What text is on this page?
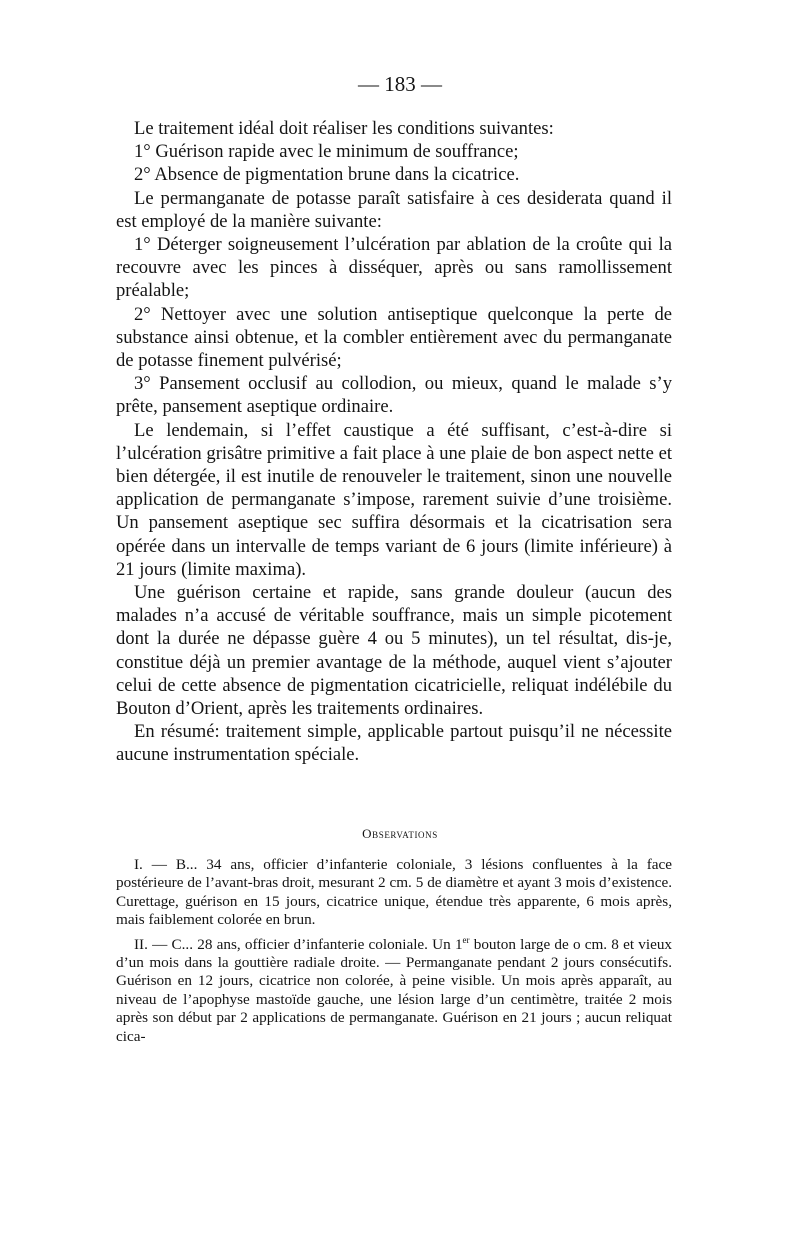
— 183 —

Le traitement idéal doit réaliser les conditions suivantes:

1° Guérison rapide avec le minimum de souffrance;

2° Absence de pigmentation brune dans la cicatrice.

Le permanganate de potasse paraît satisfaire à ces desiderata quand il est employé de la manière suivante:

1° Déterger soigneusement l’ulcération par ablation de la croûte qui la recouvre avec les pinces à disséquer, après ou sans ramollissement préalable;

2° Nettoyer avec une solution antiseptique quelconque la perte de substance ainsi obtenue, et la combler entièrement avec du permanganate de potasse finement pulvérisé;

3° Pansement occlusif au collodion, ou mieux, quand le malade s’y prête, pansement aseptique ordinaire.

Le lendemain, si l’effet caustique a été suffisant, c’est-à-dire si l’ulcération grisâtre primitive a fait place à une plaie de bon aspect nette et bien détergée, il est inutile de renouveler le traitement, sinon une nouvelle application de permanganate s’impose, rarement suivie d’une troisième. Un pansement aseptique sec suffira désormais et la cicatrisation sera opérée dans un intervalle de temps variant de 6 jours (limite inférieure) à 21 jours (limite maxima).

Une guérison certaine et rapide, sans grande douleur (aucun des malades n’a accusé de véritable souffrance, mais un simple picotement dont la durée ne dépasse guère 4 ou 5 minutes), un tel résultat, dis-je, constitue déjà un premier avantage de la méthode, auquel vient s’ajouter celui de cette absence de pigmentation cicatricielle, reliquat indélébile du Bouton d’Orient, après les traitements ordinaires.

En résumé: traitement simple, applicable partout puisqu’il ne nécessite aucune instrumentation spéciale.

Observations

I. — B... 34 ans, officier d’infanterie coloniale, 3 lésions confluentes à la face postérieure de l’avant-bras droit, mesurant 2 cm. 5 de diamètre et ayant 3 mois d’existence. Curettage, guérison en 15 jours, cicatrice unique, étendue très apparente, 6 mois après, mais faiblement colorée en brun.

II. — C... 28 ans, officier d’infanterie coloniale. Un 1er bouton large de o cm. 8 et vieux d’un mois dans la gouttière radiale droite. — Permanganate pendant 2 jours consécutifs. Guérison en 12 jours, cicatrice non colorée, à peine visible. Un mois après apparaît, au niveau de l’apophyse mastoïde gauche, une lésion large d’un centimètre, traitée 2 mois après son début par 2 applications de permanganate. Guérison en 21 jours ; aucun reliquat cica-
